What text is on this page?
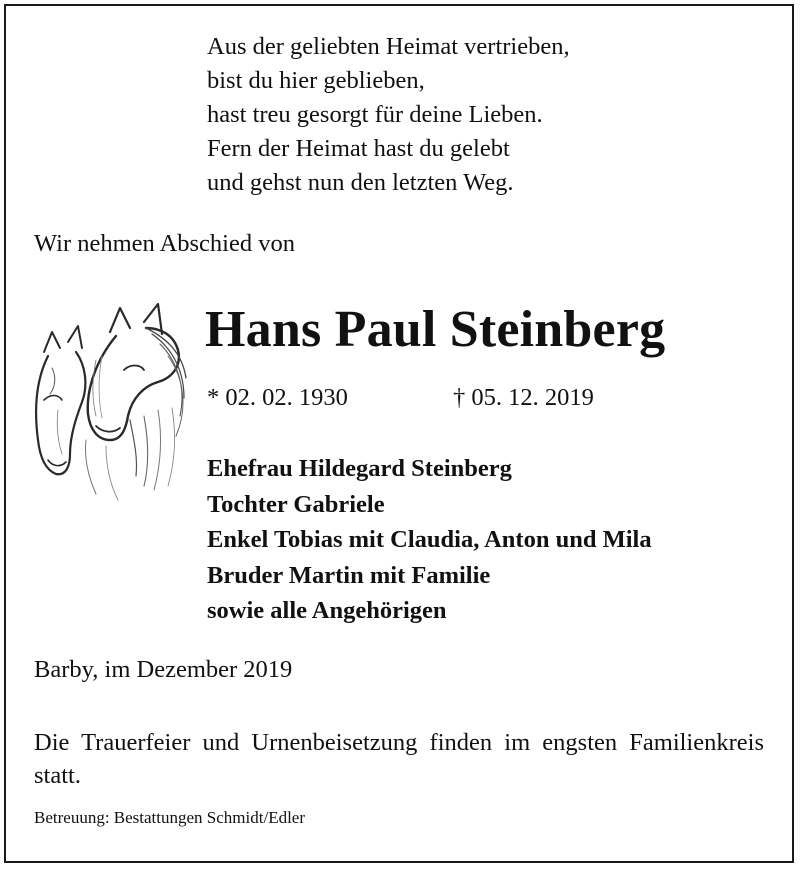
Aus der geliebten Heimat vertrieben,
bist du hier geblieben,
hast treu gesorgt für deine Lieben.
Fern der Heimat hast du gelebt
und gehst nun den letzten Weg.
Wir nehmen Abschied von
Hans Paul Steinberg
* 02. 02. 1930	† 05. 12. 2019
Ehefrau Hildegard Steinberg
Tochter Gabriele
Enkel Tobias mit Claudia, Anton und Mila
Bruder Martin mit Familie
sowie alle Angehörigen
Barby, im Dezember 2019
Die Trauerfeier und Urnenbeisetzung finden im engsten Familienkreis statt.
Betreuung: Bestattungen Schmidt/Edler
